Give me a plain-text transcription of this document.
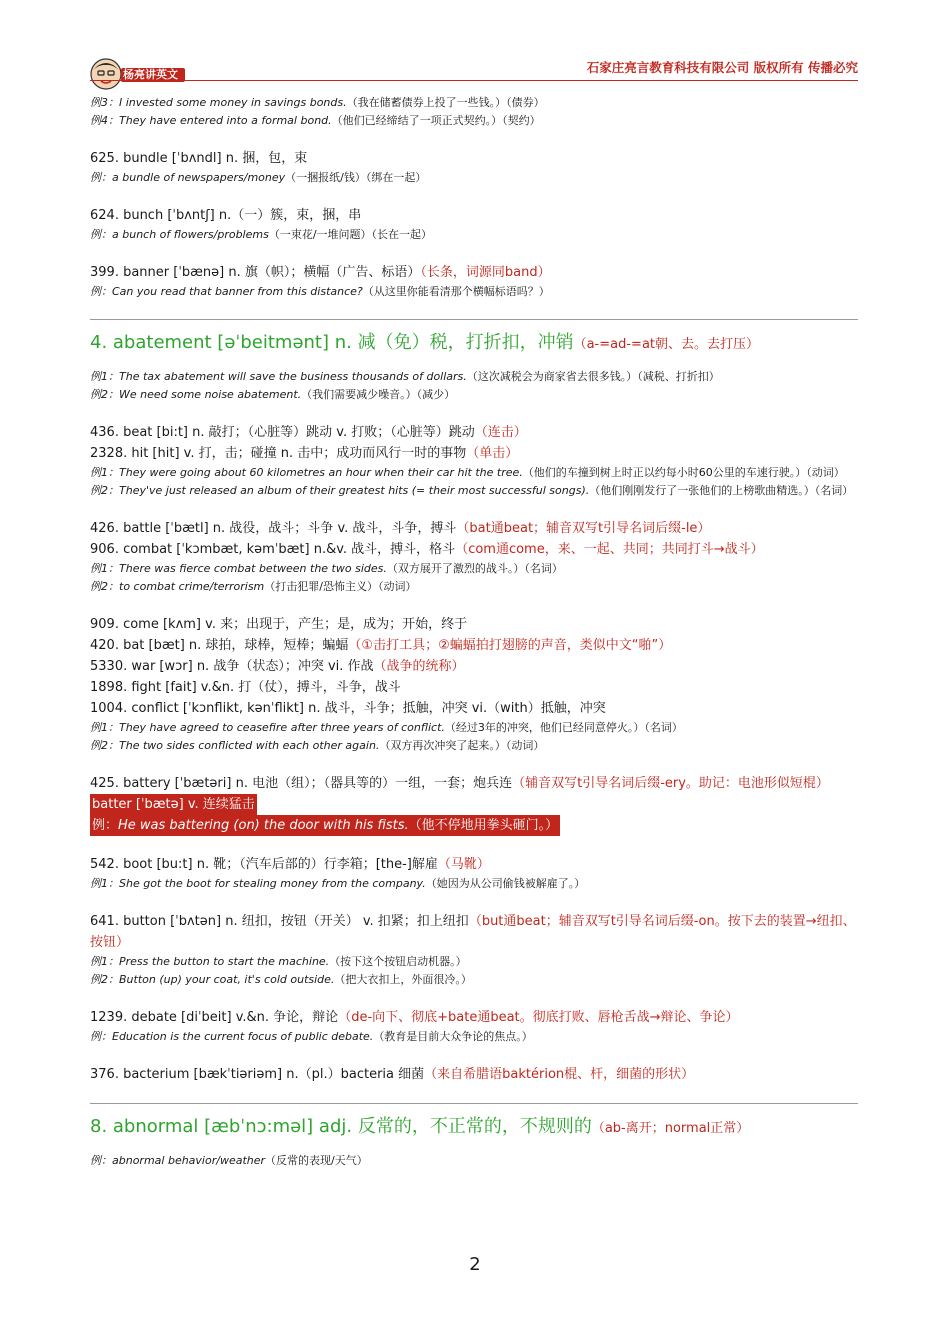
杨亮讲英文	石家庄亮言教育科技有限公司 版权所有 传播必究
例3：I invested some money in savings bonds.（我在储蓄债券上投了一些钱。）（债券）
例4：They have entered into a formal bond.（他们已经缔结了一项正式契约。）（契约）
625. bundle [ˈbʌndl] n. 捆，包，束
例：a bundle of newspapers/money（一捆报纸/钱）（绑在一起）
624. bunch [ˈbʌntʃ] n.（一）簇，束，捆，串
例：a bunch of flowers/problems（一束花/一堆问题）（长在一起）
399. banner [ˈbænə] n. 旗（帜）；横幅（广告、标语）（长条，词源同band）
例：Can you read that banner from this distance?（从这里你能看清那个横幅标语吗？）
4. abatement [əˈbeitmənt] n. 减（免）税，打折扣，冲销（a-=ad-=at朝、去。去打压）
例1：The tax abatement will save the business thousands of dollars.（这次减税会为商家省去很多钱。）（减税、打折扣）
例2：We need some noise abatement.（我们需要减少噪音。）（减少）
436. beat [bi:t] n. 敲打；（心脏等）跳动 v. 打败；（心脏等）跳动（连击）
2328. hit [hit] v. 打，击；碰撞 n. 击中；成功而风行一时的事物（单击）
例1：They were going about 60 kilometres an hour when their car hit the tree.（他们的车撞到树上时正以约每小时60公里的车速行驶。）（动词）
例2：They've just released an album of their greatest hits (= their most successful songs).（他们刚刚发行了一张他们的上榜歌曲精选。）（名词）
426. battle [ˈbætl] n. 战役，战斗；斗争 v. 战斗，斗争，搏斗（bat通beat；辅音双写t引导名词后缀-le）
906. combat [ˈkɔmbæt, kəmˈbæt] n.&v. 战斗，搏斗，格斗（com通come，来、一起、共同；共同打斗→战斗）
例1：There was fierce combat between the two sides.（双方展开了激烈的战斗。）（名词）
例2：to combat crime/terrorism（打击犯罪/恐怖主义）（动词）
909. come [kʌm] v. 来；出现于，产生；是，成为；开始，终于
420. bat [bæt] n. 球拍，球棒，短棒；蝙蝠（①击打工具；②蝙蝠拍打翅膀的声音，类似中文“啪”）
5330. war [wɔr] n. 战争（状态）；冲突 vi. 作战（战争的统称）
1898. fight [fait] v.&n. 打（仗），搏斗，斗争，战斗
1004. conflict [ˈkɔnflikt, kənˈflikt] n. 战斗，斗争；抵触，冲突 vi.（with）抵触，冲突
例1：They have agreed to ceasefire after three years of conflict.（经过3年的冲突，他们已经同意停火。）（名词）
例2：The two sides conflicted with each other again.（双方再次冲突了起来。）（动词）
425. battery [ˈbætəri] n. 电池（组）；（器具等的）一组，一套；炮兵连（辅音双写t引导名词后缀-ery。助记：电池形似短棍）
batter [ˈbætə] v. 连续猛击
例：He was battering (on) the door with his fists.（他不停地用拳头砸门。）
542. boot [bu:t] n. 靴；（汽车后部的）行李箱；[the-]解雇（马靴）
例1：She got the boot for stealing money from the company.（她因为从公司偷钱被解雇了。）
641. button [ˈbʌtən] n. 纽扣，按钮（开关） v. 扣紧；扣上纽扣（but通beat；辅音双写t引导名词后缀-on。按下去的装置→纽扣、按钮）
例1：Press the button to start the machine.（按下这个按钮启动机器。）
例2：Button (up) your coat, it's cold outside.（把大衣扣上，外面很冷。）
1239. debate [diˈbeit] v.&n. 争论，辩论（de-向下、彻底+bate通beat。彻底打败、唇枪舌战→辩论、争论）
例：Education is the current focus of public debate.（教育是目前大众争论的焦点。）
376. bacterium [bækˈtiəriəm] n.（pl.）bacteria 细菌（来自希腊语baktérion棍、杆，细菌的形状）
8. abnormal [æbˈnɔ:məl] adj. 反常的，不正常的，不规则的（ab-离开；normal正常）
例：abnormal behavior/weather（反常的表现/天气）
2
